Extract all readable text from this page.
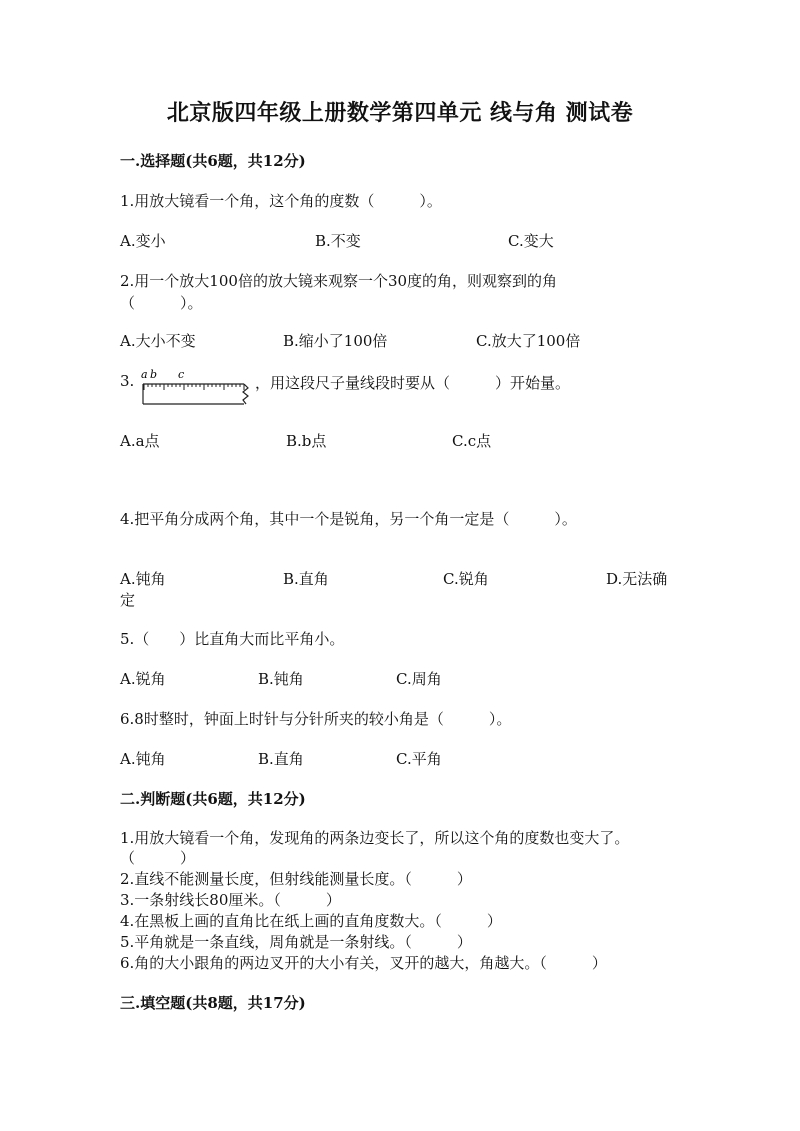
北京版四年级上册数学第四单元 线与角 测试卷
一.选择题(共6题，共12分)
1.用放大镜看一个角，这个角的度数（　　　）。
A.变小	B.不变	C.变大
2.用一个放大100倍的放大镜来观察一个30度的角，则观察到的角
（　　　）。
A.大小不变	B.缩小了100倍	C.放大了100倍
3. a b c	，用这段尺子量线段时要从（　　　）开始量。
A.a点	B.b点	C.c点
4.把平角分成两个角，其中一个是锐角，另一个角一定是（　　　）。
A.钝角	B.直角	C.锐角	D.无法确
定
5.（　　）比直角大而比平角小。
A.锐角	B.钝角	C.周角
6.8时整时，钟面上时针与分针所夹的较小角是（　　　）。
A.钝角	B.直角	C.平角
二.判断题(共6题，共12分)
1.用放大镜看一个角，发现角的两条边变长了，所以这个角的度数也变大了。
（　　　）
2.直线不能测量长度，但射线能测量长度。（　　　）
3.一条射线长80厘米。（　　　）
4.在黑板上画的直角比在纸上画的直角度数大。（　　　）
5.平角就是一条直线，周角就是一条射线。（　　　）
6.角的大小跟角的两边叉开的大小有关，叉开的越大，角越大。（　　　）
三.填空题(共8题，共17分)
